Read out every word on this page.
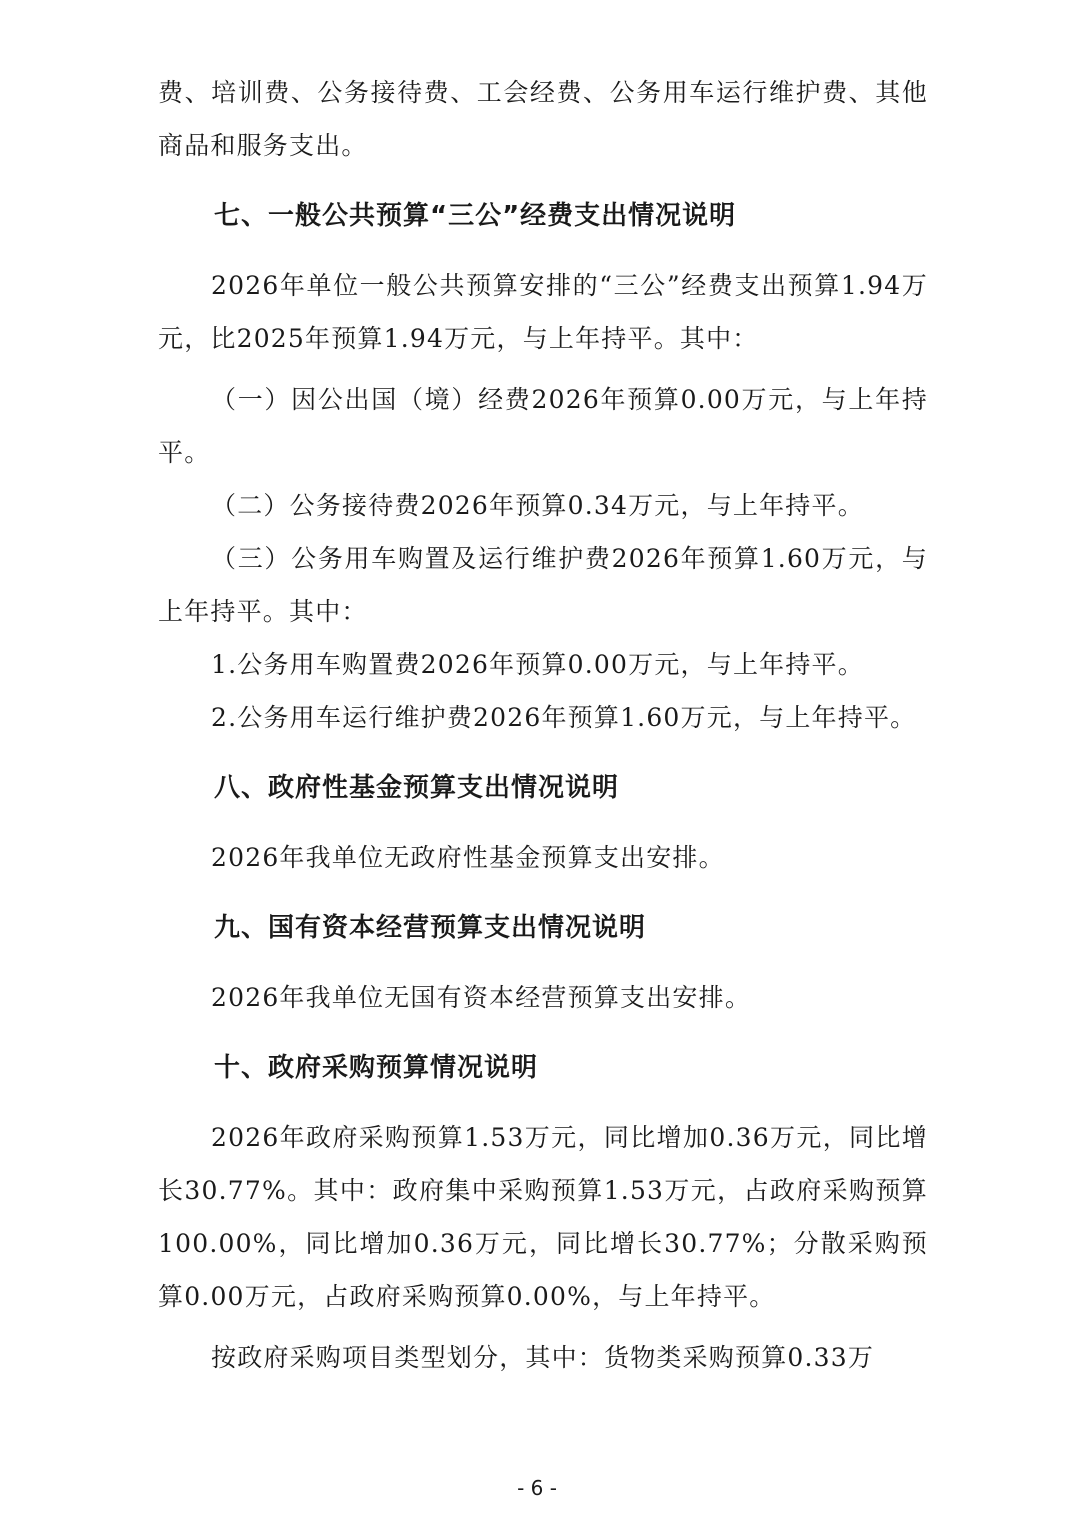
费、培训费、公务接待费、工会经费、公务用车运行维护费、其他商品和服务支出。

七、一般公共预算“三公”经费支出情况说明

2026年单位一般公共预算安排的“三公”经费支出预算1.94万元，比2025年预算1.94万元，与上年持平。其中：

（一）因公出国（境）经费2026年预算0.00万元，与上年持平。

（二）公务接待费2026年预算0.34万元，与上年持平。

（三）公务用车购置及运行维护费2026年预算1.60万元，与上年持平。其中：

1.公务用车购置费2026年预算0.00万元，与上年持平。

2.公务用车运行维护费2026年预算1.60万元，与上年持平。

八、政府性基金预算支出情况说明

2026年我单位无政府性基金预算支出安排。

九、国有资本经营预算支出情况说明

2026年我单位无国有资本经营预算支出安排。

十、政府采购预算情况说明

2026年政府采购预算1.53万元，同比增加0.36万元，同比增长30.77%。其中：政府集中采购预算1.53万元，占政府采购预算100.00%，同比增加0.36万元，同比增长30.77%；分散采购预算0.00万元，占政府采购预算0.00%，与上年持平。

按政府采购项目类型划分，其中：货物类采购预算0.33万

- 6 -
